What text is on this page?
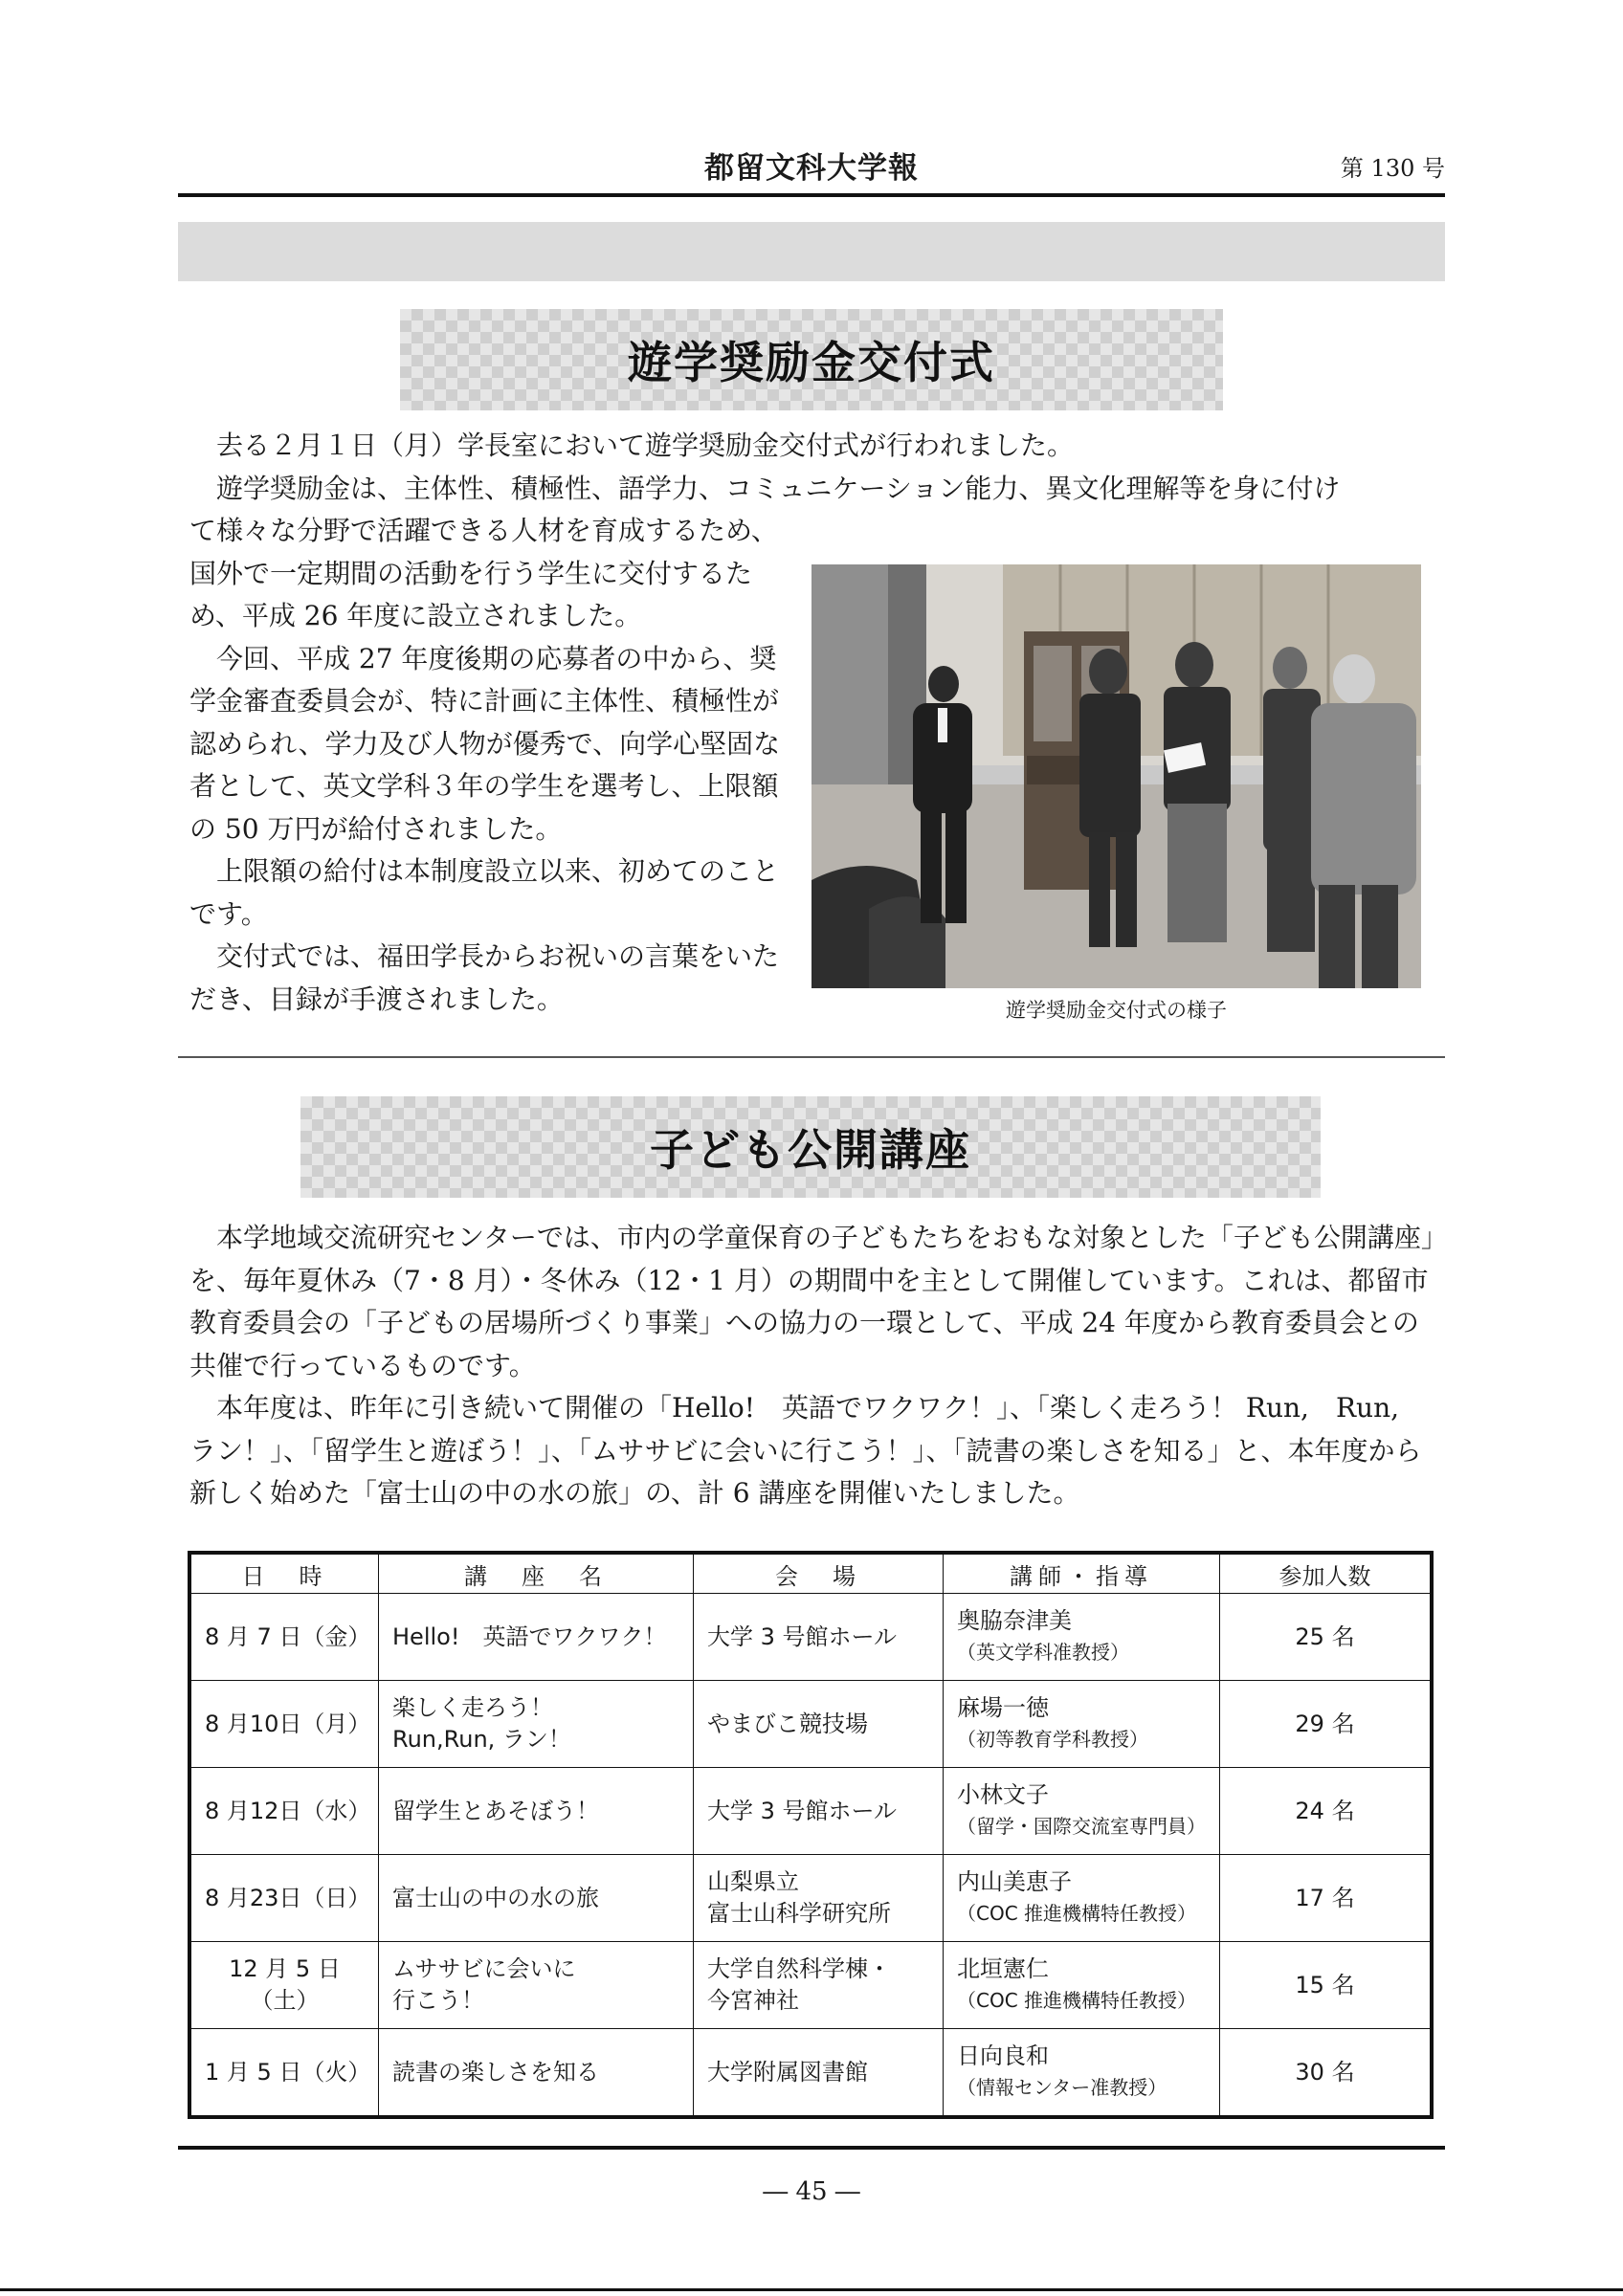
都留文科大学報	第 130 号
遊学奨励金交付式

去る２月１日（月）学長室において遊学奨励金交付式が行われました。

遊学奨励金は、主体性、積極性、語学力、コミュニケーション能力、異文化理解等を身に付け

て様々な分野で活躍できる人材を育成するため、国外で一定期間の活動を行う学生に交付するため、平成 26 年度に設立されました。

今回、平成 27 年度後期の応募者の中から、奨学金審査委員会が、特に計画に主体性、積極性が認められ、学力及び人物が優秀で、向学心堅固な者として、英文学科３年の学生を選考し、上限額の 50 万円が給付されました。

上限額の給付は本制度設立以来、初めてのことです。

交付式では、福田学長からお祝いの言葉をいただき、目録が手渡されました。	遊学奨励金交付式の様子
子ども公開講座

本学地域交流研究センターでは、市内の学童保育の子どもたちをおもな対象とした「子ども公開講座」を、毎年夏休み（7・8 月）・冬休み（12・1 月）の期間中を主として開催しています。これは、都留市教育委員会の「子どもの居場所づくり事業」への協力の一環として、平成 24 年度から教育委員会との共催で行っているものです。

本年度は、昨年に引き続いて開催の「Hello!　英語でワクワク！」、「楽しく走ろう！ Run,　Run,　ラン！」、「留学生と遊ぼう！」、「ムササビに会いに行こう！」、「読書の楽しさを知る」と、本年度から新しく始めた「富士山の中の水の旅」の、計 6 講座を開催いたしました。

日　時	講　座　名	会　場	講師・指導	参加人数

8 月 7 日（金）	Hello!　英語でワクワク！	大学 3 号館ホール	奥脇奈津美
（英文学科准教授）	25 名

8 月10日（月）	楽しく走ろう！
Run,Run, ラン！	やまびこ競技場	麻場一徳
（初等教育学科教授）	29 名

8 月12日（水）	留学生とあそぼう！	大学 3 号館ホール	小林文子
（留学・国際交流室専門員）	24 名

8 月23日（日）	富士山の中の水の旅	山梨県立
富士山科学研究所	内山美恵子
（COC 推進機構特任教授）	17 名

12 月 5 日（土）	ムササビに会いに
行こう！	大学自然科学棟・
今宮神社	北垣憲仁
（COC 推進機構特任教授）	15 名

1 月 5 日（火）	読書の楽しさを知る	大学附属図書館	日向良和
（情報センター准教授）	30 名
― 45 ―
